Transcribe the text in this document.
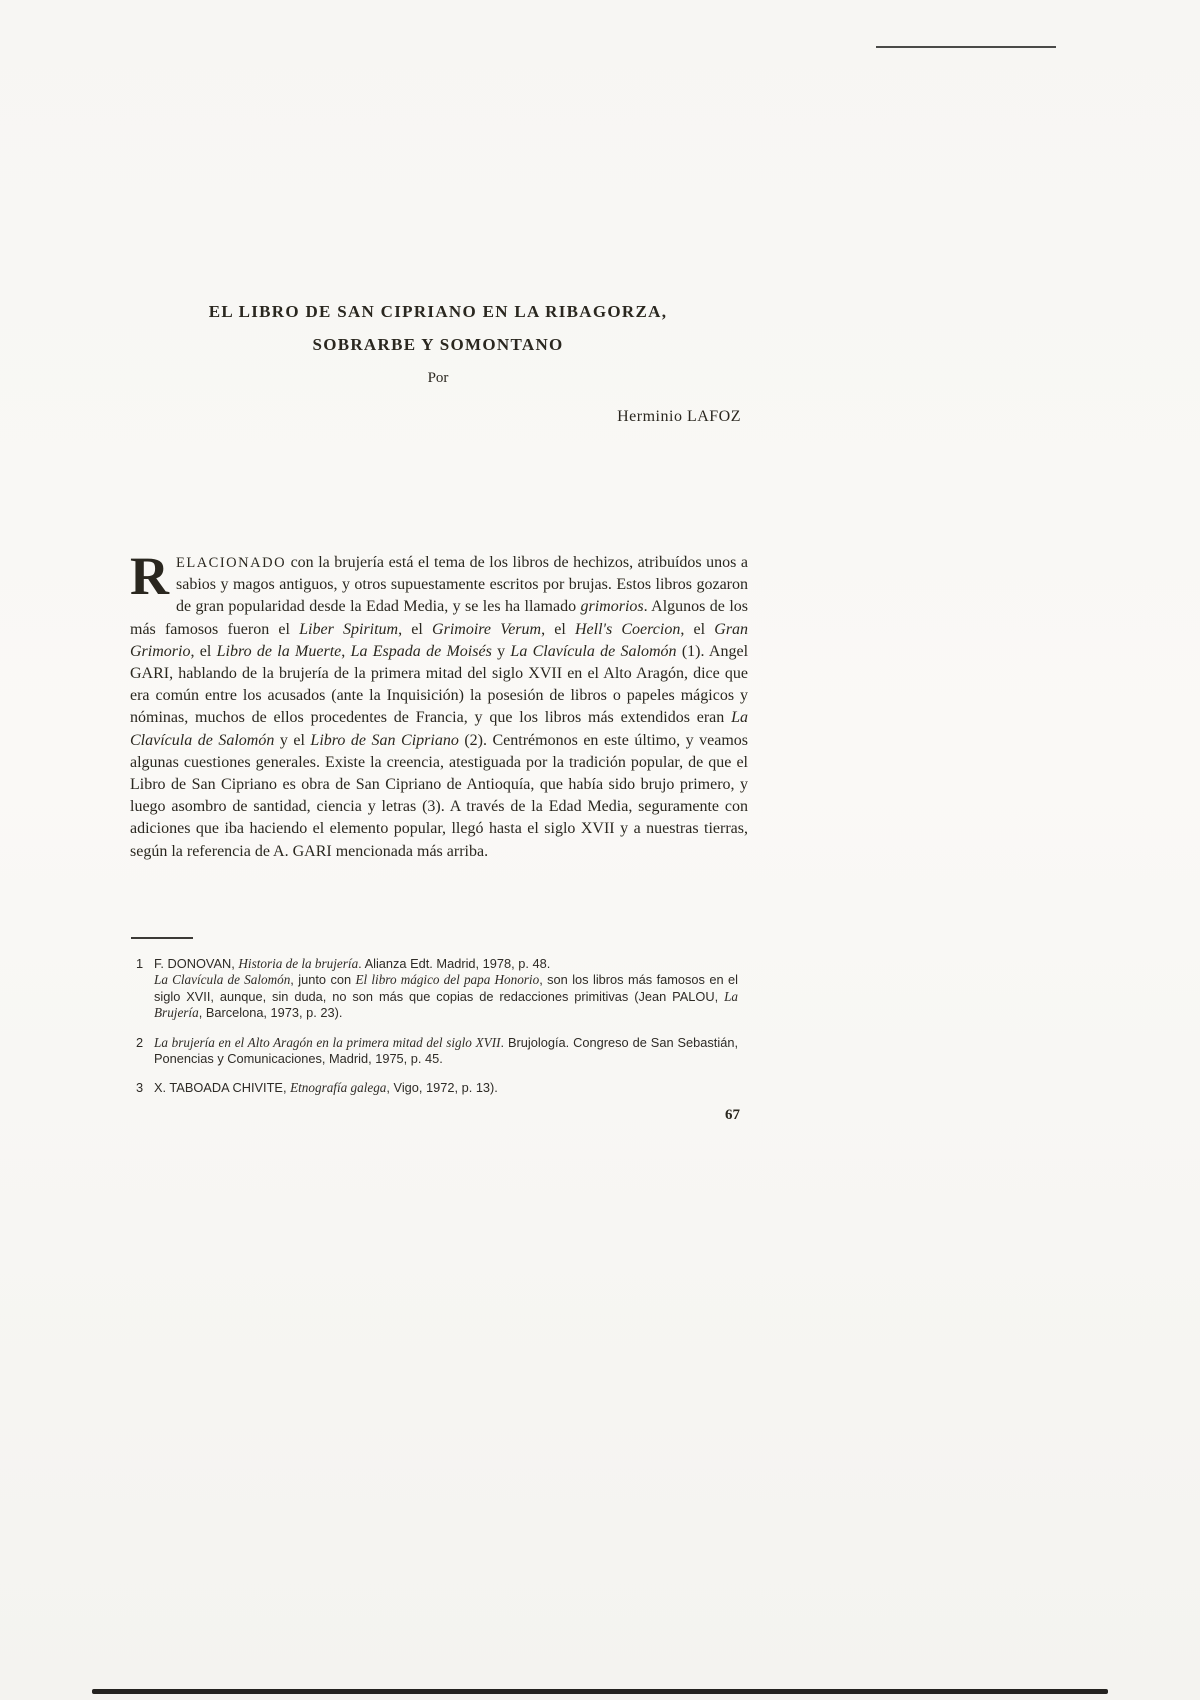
EL LIBRO DE SAN CIPRIANO EN LA RIBAGORZA,
SOBRARBE Y SOMONTANO
Por
Herminio LAFOZ
RELACIONADO con la brujería está el tema de los libros de hechizos, atribuídos unos a sabios y magos antiguos, y otros supuestamente escritos por brujas. Estos libros gozaron de gran popularidad desde la Edad Media, y se les ha llamado grimorios. Algunos de los más famosos fueron el Liber Spiritum, el Grimoire Verum, el Hell's Coercion, el Gran Grimorio, el Libro de la Muerte, La Espada de Moisés y La Clavícula de Salomón (1). Angel GARI, hablando de la brujería de la primera mitad del siglo XVII en el Alto Aragón, dice que era común entre los acusados (ante la Inquisición) la posesión de libros o papeles mágicos y nóminas, muchos de ellos procedentes de Francia, y que los libros más extendidos eran La Clavícula de Salomón y el Libro de San Cipriano (2). Centrémonos en este último, y veamos algunas cuestiones generales. Existe la creencia, atestiguada por la tradición popular, de que el Libro de San Cipriano es obra de San Cipriano de Antioquía, que había sido brujo primero, y luego asombro de santidad, ciencia y letras (3). A través de la Edad Media, seguramente con adiciones que iba haciendo el elemento popular, llegó hasta el siglo XVII y a nuestras tierras, según la referencia de A. GARI mencionada más arriba.
1 F. DONOVAN, Historia de la brujería. Alianza Edt. Madrid, 1978, p. 48.
La Clavícula de Salomón, junto con El libro mágico del papa Honorio, son los libros más famosos en el siglo XVII, aunque, sin duda, no son más que copias de redacciones primitivas (Jean PALOU, La Brujería, Barcelona, 1973, p. 23).
2 La brujería en el Alto Aragón en la primera mitad del siglo XVII. Brujología. Congreso de San Sebastián, Ponencias y Comunicaciones, Madrid, 1975, p. 45.
3 X. TABOADA CHIVITE, Etnografía galega, Vigo, 1972, p. 13).
67
